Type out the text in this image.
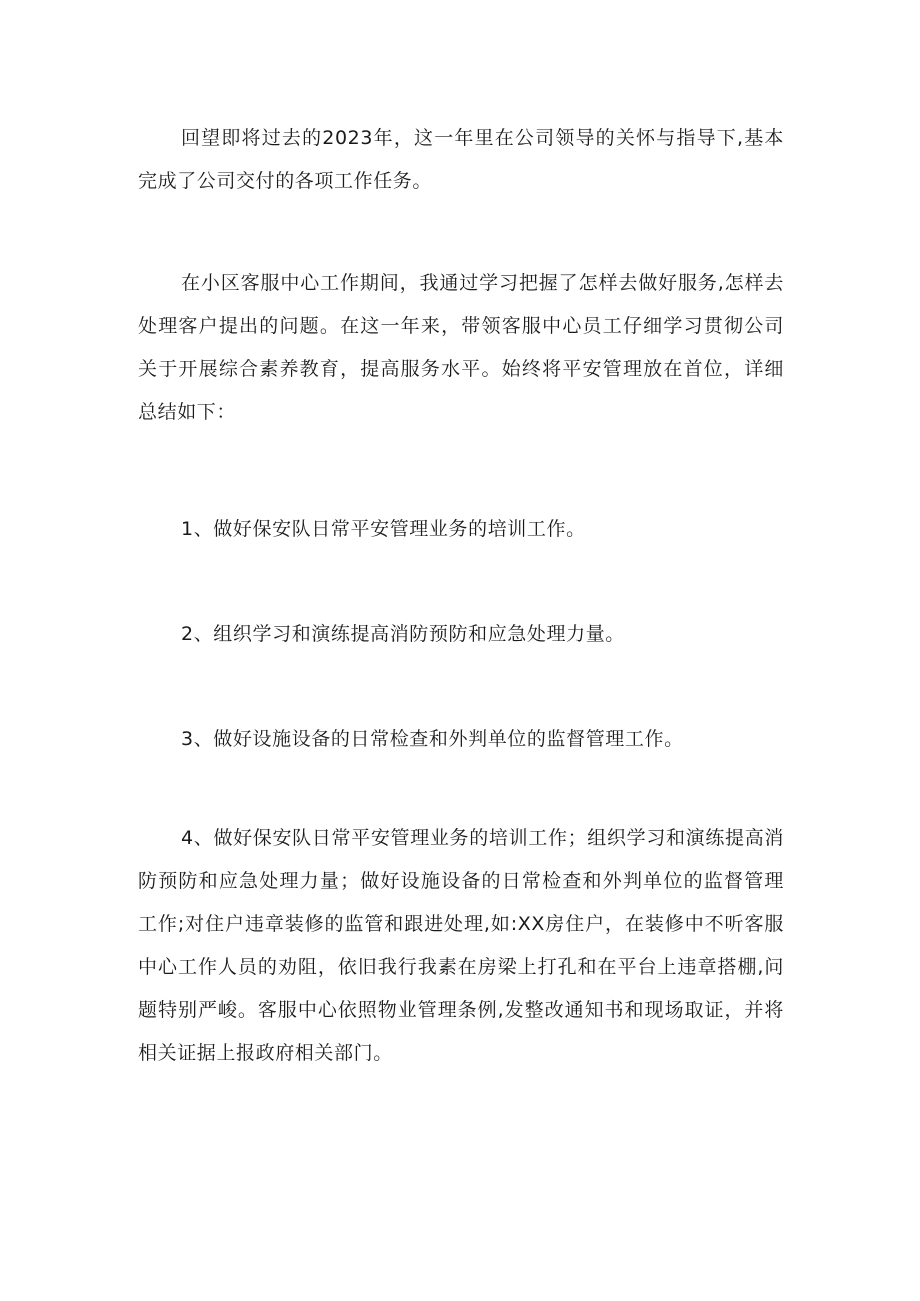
回望即将过去的2023年，这一年里在公司领导的关怀与指导下,基本完成了公司交付的各项工作任务。

在小区客服中心工作期间，我通过学习把握了怎样去做好服务,怎样去处理客户提出的问题。在这一年来，带领客服中心员工仔细学习贯彻公司关于开展综合素养教育，提高服务水平。始终将平安管理放在首位，详细总结如下：

1、做好保安队日常平安管理业务的培训工作。

2、组织学习和演练提高消防预防和应急处理力量。

3、做好设施设备的日常检查和外判单位的监督管理工作。

4、做好保安队日常平安管理业务的培训工作；组织学习和演练提高消防预防和应急处理力量；做好设施设备的日常检查和外判单位的监督管理工作;对住户违章装修的监管和跟进处理,如:XX房住户，在装修中不听客服中心工作人员的劝阻，依旧我行我素在房梁上打孔和在平台上违章搭棚,问题特别严峻。客服中心依照物业管理条例,发整改通知书和现场取证，并将相关证据上报政府相关部门。
